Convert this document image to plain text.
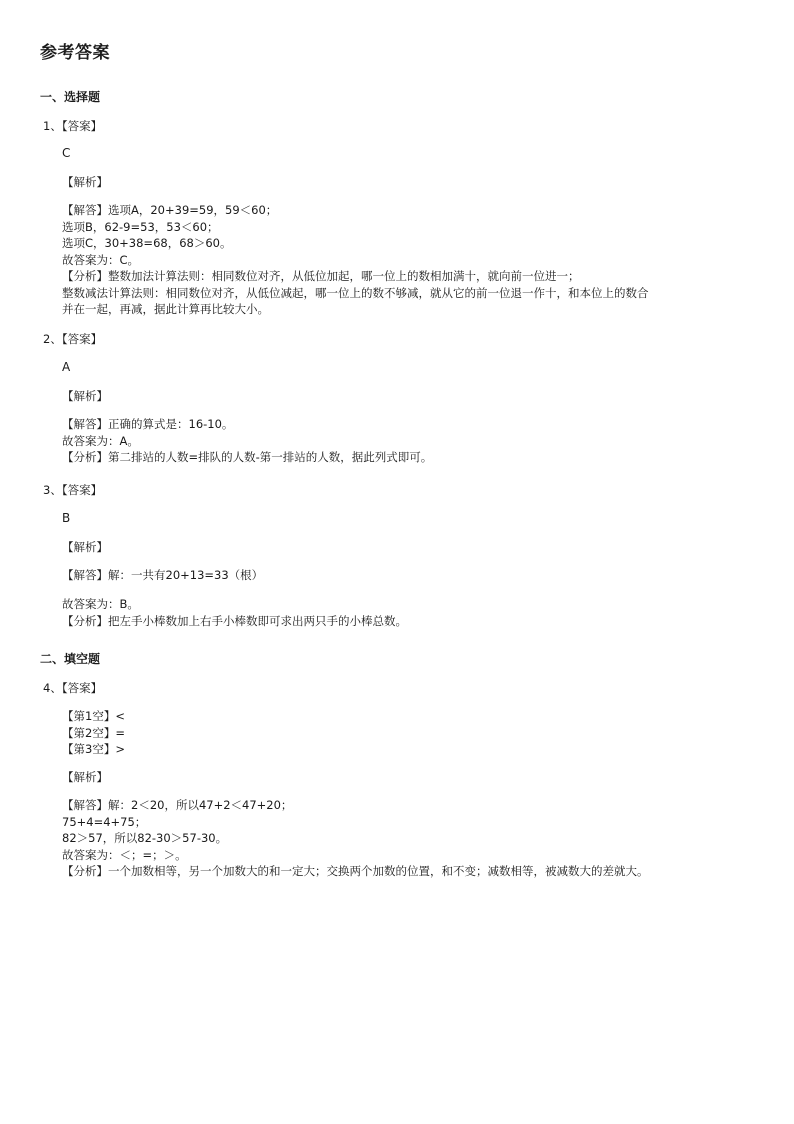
参考答案
一、选择题
1、【答案】
C
【解析】
【解答】选项A，20+39=59，59＜60；
选项B，62-9=53，53＜60；
选项C，30+38=68，68＞60。
故答案为：C。
【分析】整数加法计算法则：相同数位对齐，从低位加起，哪一位上的数相加满十，就向前一位进一；
整数减法计算法则：相同数位对齐，从低位减起，哪一位上的数不够减，就从它的前一位退一作十，和本位上的数合
并在一起，再减，据此计算再比较大小。
2、【答案】
A
【解析】
【解答】正确的算式是：16-10。
故答案为：A。
【分析】第二排站的人数=排队的人数-第一排站的人数，据此列式即可。
3、【答案】
B
【解析】
【解答】解：一共有20+13=33（根）
故答案为：B。
【分析】把左手小棒数加上右手小棒数即可求出两只手的小棒总数。
二、填空题
4、【答案】
【第1空】<
【第2空】=
【第3空】>
【解析】
【解答】解：2＜20，所以47+2＜47+20；
75+4=4+75；
82＞57，所以82-30＞57-30。
故答案为：＜；=；＞。
【分析】一个加数相等，另一个加数大的和一定大；交换两个加数的位置，和不变；减数相等，被减数大的差就大。
